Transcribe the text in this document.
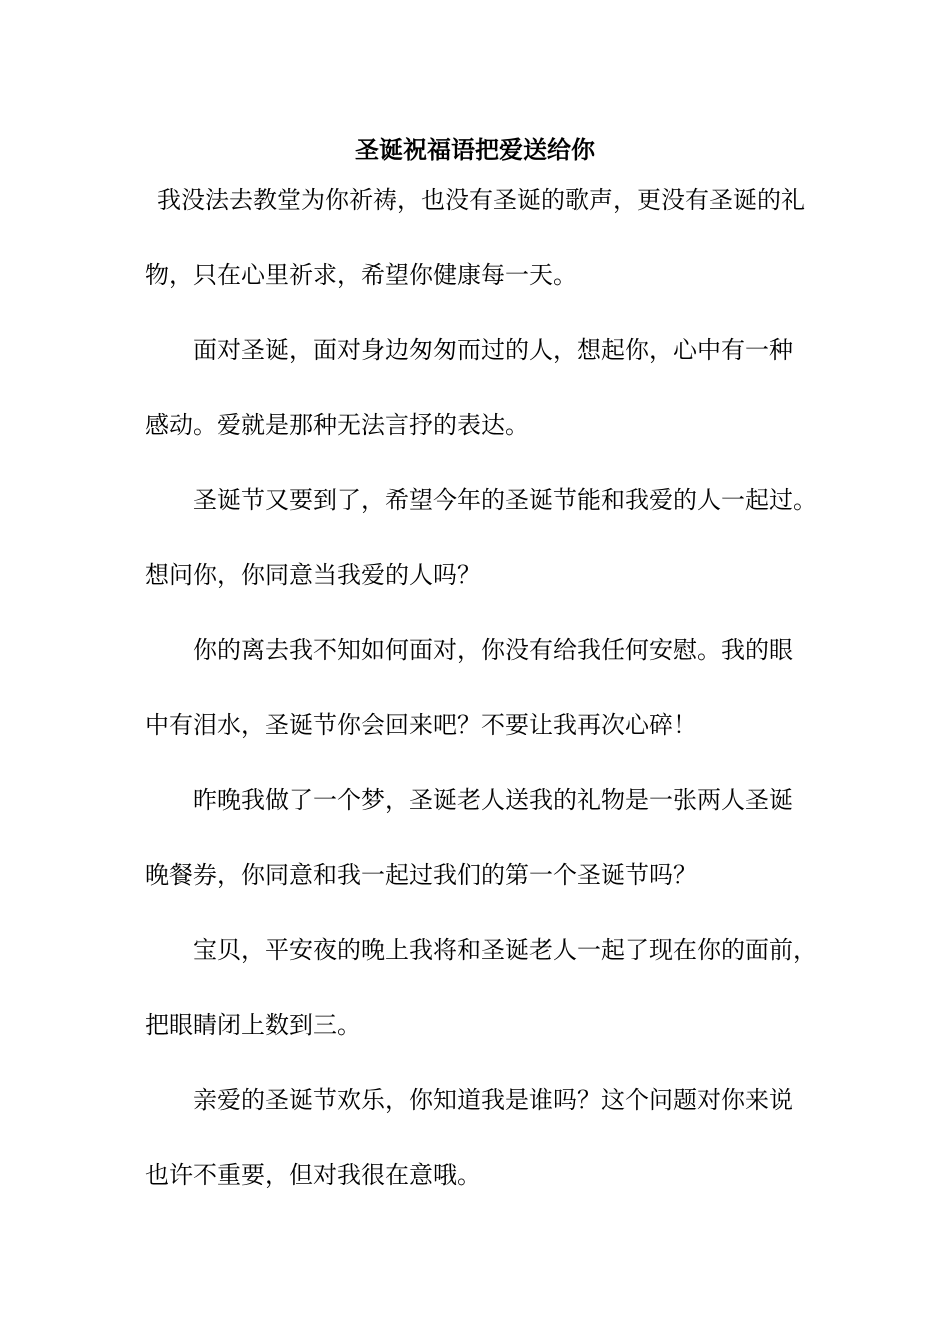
圣诞祝福语把爱送给你
我没法去教堂为你祈祷，也没有圣诞的歌声，更没有圣诞的礼
物，只在心里祈求，希望你健康每一天。
面对圣诞，面对身边匆匆而过的人，想起你，心中有一种
感动。爱就是那种无法言抒的表达。
圣诞节又要到了，希望今年的圣诞节能和我爱的人一起过。
想问你，你同意当我爱的人吗？
你的离去我不知如何面对，你没有给我任何安慰。我的眼
中有泪水，圣诞节你会回来吧？不要让我再次心碎！
昨晚我做了一个梦，圣诞老人送我的礼物是一张两人圣诞
晚餐券，你同意和我一起过我们的第一个圣诞节吗？
宝贝，平安夜的晚上我将和圣诞老人一起了现在你的面前，
把眼睛闭上数到三。
亲爱的圣诞节欢乐，你知道我是谁吗？这个问题对你来说
也许不重要，但对我很在意哦。
